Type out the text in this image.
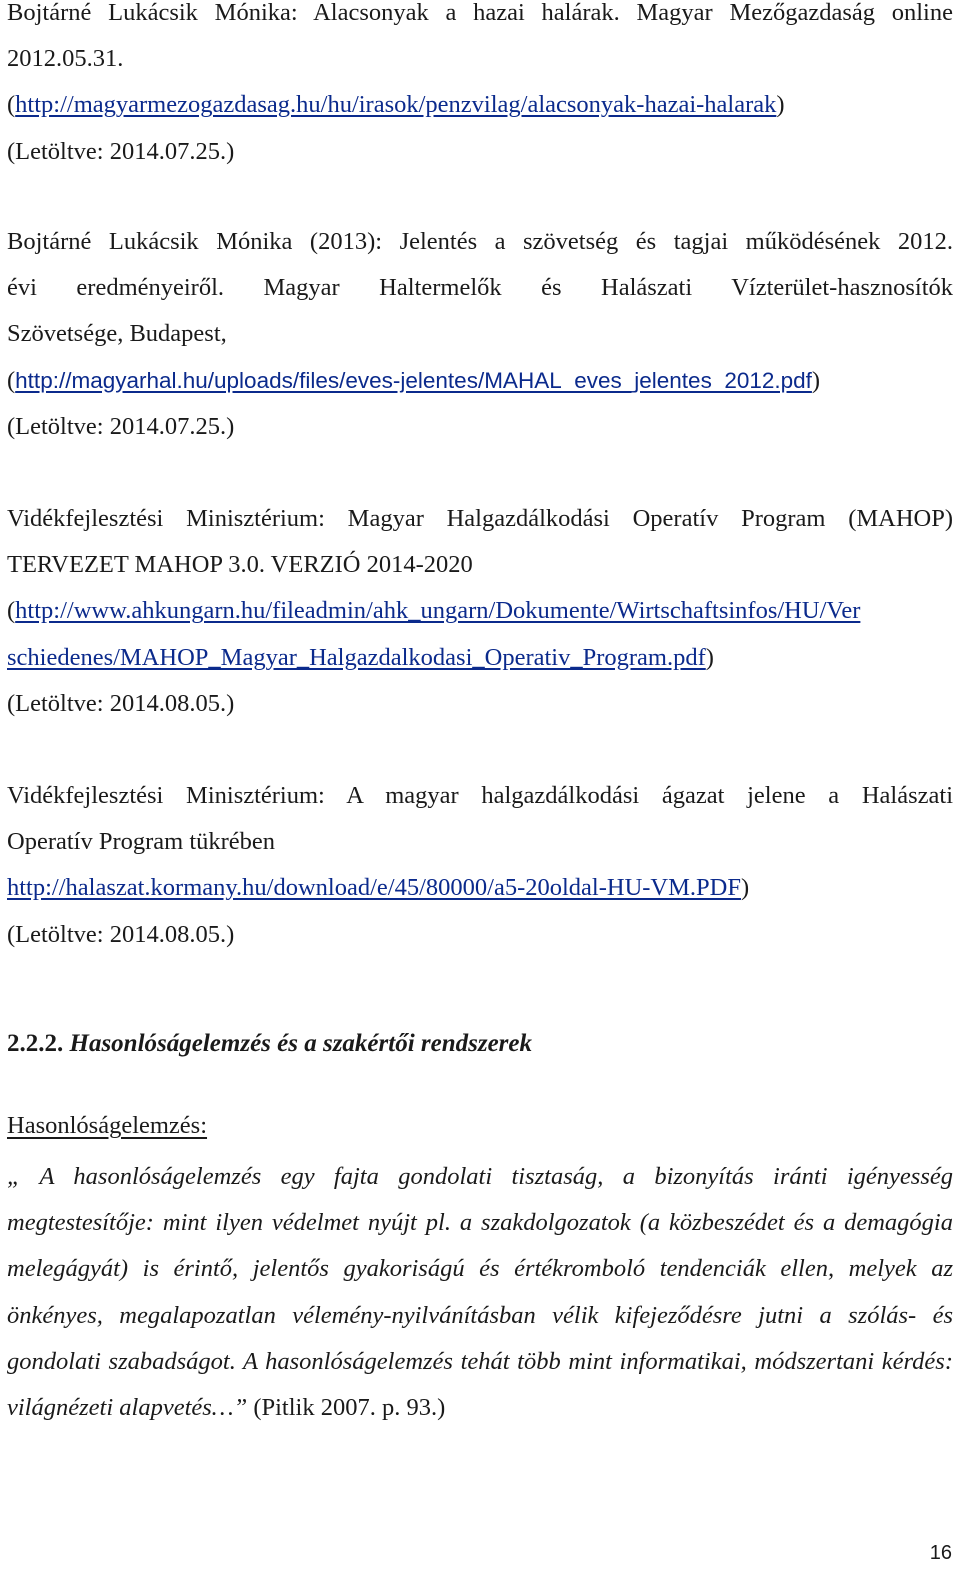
Bojtárné Lukácsik Mónika: Alacsonyak a hazai halárak. Magyar Mezőgazdaság online
2012.05.31.
(http://magyarmezogazdasag.hu/hu/irasok/penzvilag/alacsonyak-hazai-halarak)
(Letöltve: 2014.07.25.)
Bojtárné Lukácsik Mónika (2013): Jelentés a szövetség és tagjai működésének 2012.
évi eredményeiről. Magyar Haltermelők és Halászati Vízterület-hasznosítók
Szövetsége, Budapest,
(http://magyarhal.hu/uploads/files/eves-jelentes/MAHAL_eves_jelentes_2012.pdf)
(Letöltve: 2014.07.25.)
Vidékfejlesztési Minisztérium: Magyar Halgazdálkodási Operatív Program (MAHOP)
TERVEZET MAHOP 3.0. VERZIÓ 2014-2020
(http://www.ahkungarn.hu/fileadmin/ahk_ungarn/Dokumente/Wirtschaftsinfos/HU/Ver
schiedenes/MAHOP_Magyar_Halgazdalkodasi_Operativ_Program.pdf)
(Letöltve: 2014.08.05.)
Vidékfejlesztési Minisztérium: A magyar halgazdálkodási ágazat jelene a Halászati
Operatív Program tükrében
http://halaszat.kormany.hu/download/e/45/80000/a5-20oldal-HU-VM.PDF)
(Letöltve: 2014.08.05.)
2.2.2. Hasonlóságelemzés és a szakértői rendszerek

Hasonlóságelemzés:

„ A hasonlóságelemzés egy fajta gondolati tisztaság, a bizonyítás iránti igényesség megtestesítője: mint ilyen védelmet nyújt pl. a szakdolgozatok (a közbeszédet és a demagógia melegágyát) is érintő, jelentős gyakoriságú és értékromboló tendenciák ellen, melyek az önkényes, megalapozatlan vélemény-nyilvánításban vélik kifejeződésre jutni a szólás- és gondolati szabadságot. A hasonlóságelemzés tehát több mint informatikai, módszertani kérdés: világnézeti alapvetés…” (Pitlik 2007. p. 93.)

16
